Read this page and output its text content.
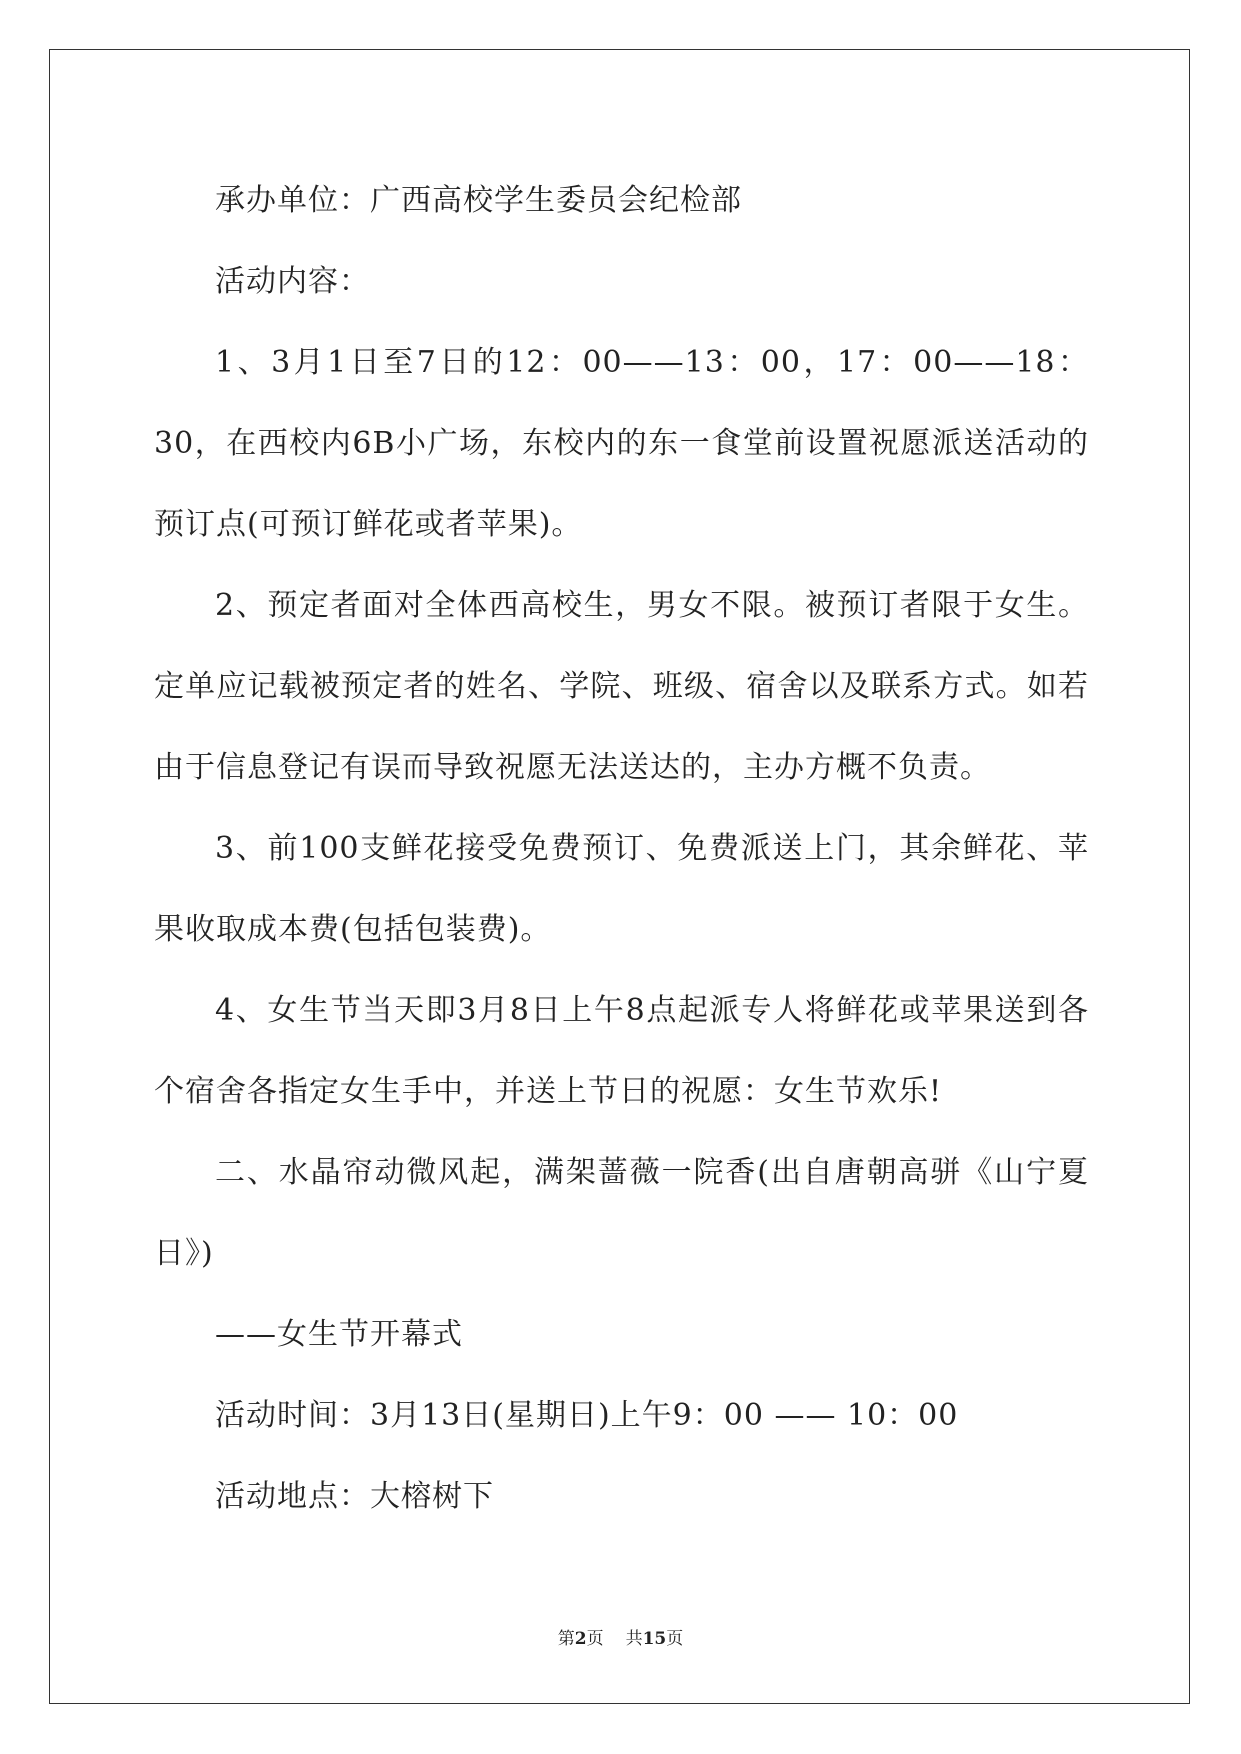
承办单位：广西高校学生委员会纪检部

活动内容：

1、3月1日至7日的12：00——13：00，17：00——18：30，在西校内6B小广场，东校内的东一食堂前设置祝愿派送活动的预订点(可预订鲜花或者苹果)。

2、预定者面对全体西高校生，男女不限。被预订者限于女生。定单应记载被预定者的姓名、学院、班级、宿舍以及联系方式。如若由于信息登记有误而导致祝愿无法送达的，主办方概不负责。

3、前100支鲜花接受免费预订、免费派送上门，其余鲜花、苹果收取成本费(包括包装费)。

4、女生节当天即3月8日上午8点起派专人将鲜花或苹果送到各个宿舍各指定女生手中，并送上节日的祝愿：女生节欢乐!

二、水晶帘动微风起，满架蔷薇一院香(出自唐朝高骈《山宁夏日》)

——女生节开幕式

活动时间：3月13日(星期日)上午9：00 —— 10：00

活动地点：大榕树下

第2页 共15页
